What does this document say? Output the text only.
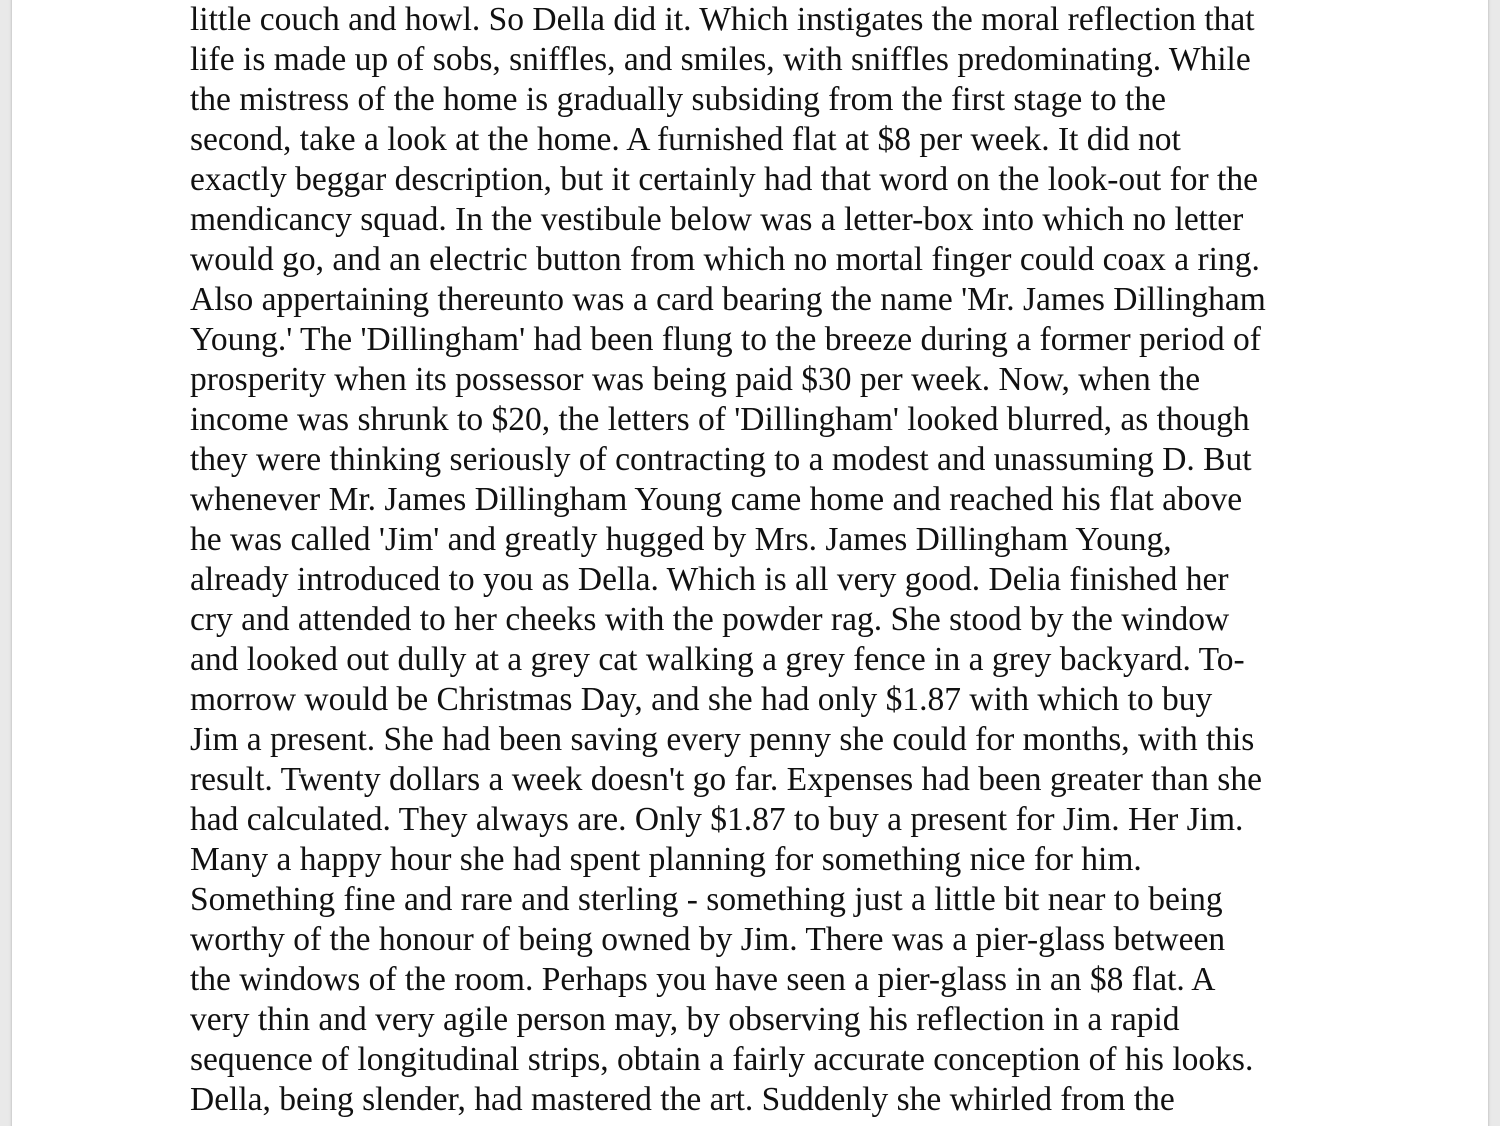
little couch and howl. So Della did it. Which instigates the moral reflection that
life is made up of sobs, sniffles, and smiles, with sniffles predominating. While
the mistress of the home is gradually subsiding from the first stage to the
second, take a look at the home. A furnished flat at $8 per week. It did not
exactly beggar description, but it certainly had that word on the look-out for the
mendicancy squad. In the vestibule below was a letter-box into which no letter
would go, and an electric button from which no mortal finger could coax a ring.
Also appertaining thereunto was a card bearing the name 'Mr. James Dillingham
Young.' The 'Dillingham' had been flung to the breeze during a former period of
prosperity when its possessor was being paid $30 per week. Now, when the
income was shrunk to $20, the letters of 'Dillingham' looked blurred, as though
they were thinking seriously of contracting to a modest and unassuming D. But
whenever Mr. James Dillingham Young came home and reached his flat above
he was called 'Jim' and greatly hugged by Mrs. James Dillingham Young,
already introduced to you as Della. Which is all very good. Delia finished her
cry and attended to her cheeks with the powder rag. She stood by the window
and looked out dully at a grey cat walking a grey fence in a grey backyard. To-
morrow would be Christmas Day, and she had only $1.87 with which to buy
Jim a present. She had been saving every penny she could for months, with this
result. Twenty dollars a week doesn't go far. Expenses had been greater than she
had calculated. They always are. Only $1.87 to buy a present for Jim. Her Jim.
Many a happy hour she had spent planning for something nice for him.
Something fine and rare and sterling - something just a little bit near to being
worthy of the honour of being owned by Jim. There was a pier-glass between
the windows of the room. Perhaps you have seen a pier-glass in an $8 flat. A
very thin and very agile person may, by observing his reflection in a rapid
sequence of longitudinal strips, obtain a fairly accurate conception of his looks.
Della, being slender, had mastered the art. Suddenly she whirled from the
